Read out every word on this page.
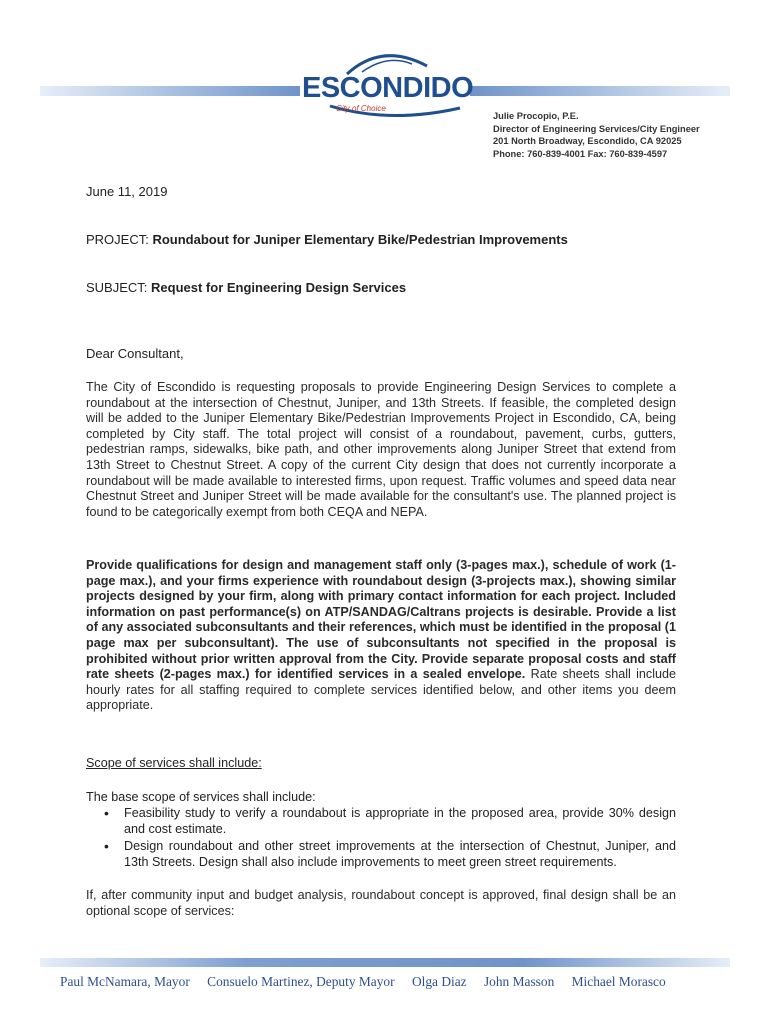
ESCONDIDO
City of Choice
Julie Procopio, P.E.
Director of Engineering Services/City Engineer
201 North Broadway, Escondido, CA 92025
Phone: 760-839-4001 Fax: 760-839-4597
June 11, 2019
PROJECT: Roundabout for Juniper Elementary Bike/Pedestrian Improvements
SUBJECT: Request for Engineering Design Services
Dear Consultant,
The City of Escondido is requesting proposals to provide Engineering Design Services to complete a roundabout at the intersection of Chestnut, Juniper, and 13th Streets. If feasible, the completed design will be added to the Juniper Elementary Bike/Pedestrian Improvements Project in Escondido, CA, being completed by City staff. The total project will consist of a roundabout, pavement, curbs, gutters, pedestrian ramps, sidewalks, bike path, and other improvements along Juniper Street that extend from 13th Street to Chestnut Street. A copy of the current City design that does not currently incorporate a roundabout will be made available to interested firms, upon request. Traffic volumes and speed data near Chestnut Street and Juniper Street will be made available for the consultant's use. The planned project is found to be categorically exempt from both CEQA and NEPA.
Provide qualifications for design and management staff only (3-pages max.), schedule of work (1-page max.), and your firms experience with roundabout design (3-projects max.), showing similar projects designed by your firm, along with primary contact information for each project. Included information on past performance(s) on ATP/SANDAG/Caltrans projects is desirable. Provide a list of any associated subconsultants and their references, which must be identified in the proposal (1 page max per subconsultant). The use of subconsultants not specified in the proposal is prohibited without prior written approval from the City. Provide separate proposal costs and staff rate sheets (2-pages max.) for identified services in a sealed envelope. Rate sheets shall include hourly rates for all staffing required to complete services identified below, and other items you deem appropriate.
Scope of services shall include:
The base scope of services shall include:
• Feasibility study to verify a roundabout is appropriate in the proposed area, provide 30% design and cost estimate.
• Design roundabout and other street improvements at the intersection of Chestnut, Juniper, and 13th Streets. Design shall also include improvements to meet green street requirements.
If, after community input and budget analysis, roundabout concept is approved, final design shall be an optional scope of services:
Paul McNamara, Mayor Consuelo Martinez, Deputy Mayor Olga Diaz John Masson Michael Morasco
